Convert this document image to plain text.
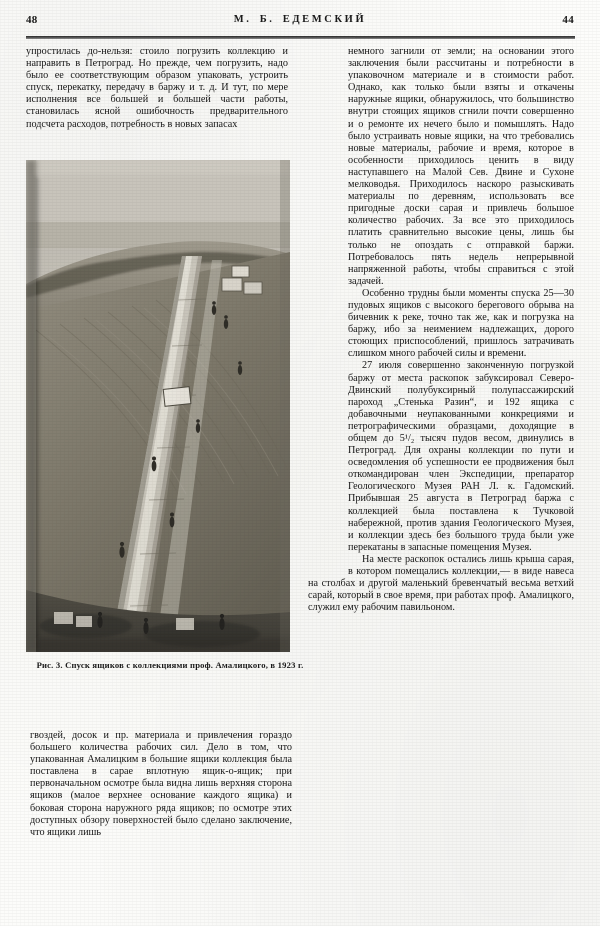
48	М. Б. ЕДЕМСКИЙ	44

упростилась до-нельзя: стоило погрузить коллекцию и направить в Петроград. Но прежде, чем погрузить, надо было ее соответствующим образом упаковать, устроить спуск, перекатку, передачу в баржу и т. д. И тут, по мере исполнения все большей и большей части работы, становилась ясной ошибочность предварительного подсчета расходов, потребность в новых запасах

немного загнили от земли; на основании этого заключения были рассчитаны и потребности в упаковочном материале и в стоимости работ. Однако, как только были взяты и откачены наружные ящики, обнаружилось, что большинство внутри стоящих ящиков сгнили почти совершенно и о ремонте их нечего было и помышлять. Надо было устраивать новые ящики, на что требовались новые материалы, рабочие и время, которое в особенности приходилось ценить в виду наступавшего на Малой Сев. Двине и Сухоне мелководья. Приходилось наскоро разыскивать материалы по деревням, использовать все пригодные доски сарая и привлечь большое количество рабочих. За все это приходилось платить сравнительно высокие цены, лишь бы только не опоздать с отправкой баржи. Потребовалось пять недель непрерывной напряженной работы, чтобы справиться с этой задачей.

Особенно трудны были моменты спуска 25—30 пудовых ящиков с высокого берегового обрыва на бичевник к реке, точно так же, как и погрузка на баржу, ибо за неимением надлежащих, дорого стоющих приспособлений, пришлось затрачивать слишком много рабочей силы и времени.

27 июля совершенно законченную погрузкой баржу от места раскопок забуксировал Северо-Двинский полубуксирный полупассажирский пароход „Стенька Разин“, и 192 ящика с добавочными неупакованными конкрециями и петрографическими образцами, доходящие в общем до 5¹/₂ тысяч пудов весом, двинулись в Петроград. Для охраны коллекции по пути и осведомления об успешности ее продвижения был откомандирован член Экспедиции, препаратор Геологического Музея РАН Л. к. Гадомский. Прибывшая 25 августа в Петроград баржа с коллекцией была поставлена к Тучковой набережной, против здания Геологического Музея, и коллекции здесь без большого труда были уже перекатаны в запасные помещения Музея.

На месте раскопок остались лишь крыша сарая, в котором помещались коллекции,— в виде навеса на столбах и другой маленький бревенчатый весьма ветхий сарай, который в свое время, при работах проф. Амалицкого, служил ему рабочим павильоном.

Рис. 3. Спуск ящиков с коллекциями проф. Амалицкого, в 1923 г.

гвоздей, досок и пр. материала и привлечения гораздо большего количества рабочих сил. Дело в том, что упакованная Амалицким в большие ящики коллекция была поставлена в сарае вплотную ящик-о-ящик; при первоначальном осмотре была видна лишь верхняя сторона ящиков (малое верхнее основание каждого ящика) и боковая сторона наружного ряда ящиков; по осмотре этих доступных обзору поверхностей было сделано заключение, что ящики лишь
